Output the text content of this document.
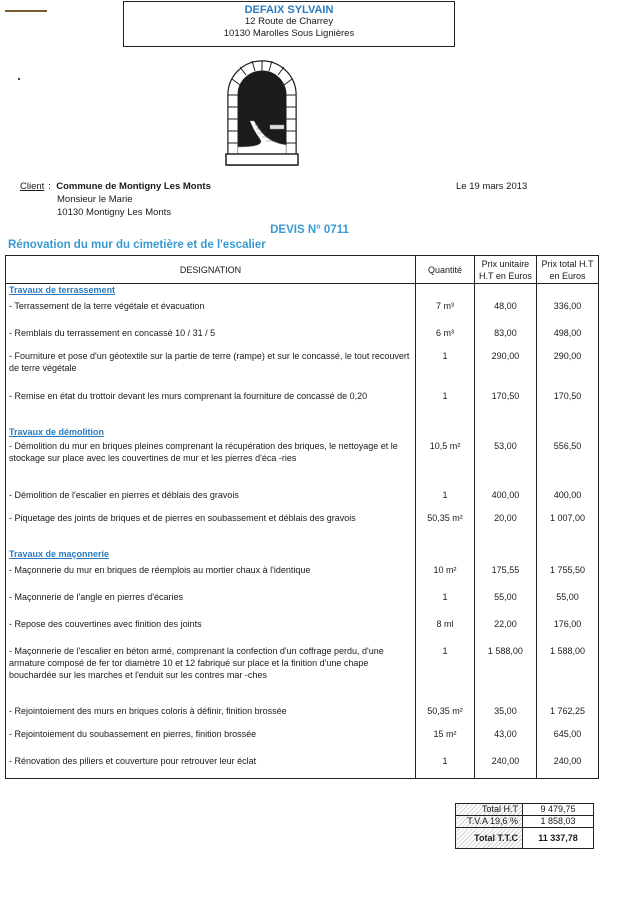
DEFAIX SYLVAIN
12 Route de Charrey
10130 Marolles Sous Lignières
Client :  Commune de Montigny Les Monts
Monsieur le Marie
10130 Montigny Les Monts
Le 19 mars 2013
DEVIS N° 0711
Rénovation du mur du cimetière et de l'escalier
DESIGNATION	Quantité	Prix unitaire H.T en Euros	Prix total H.T en Euros
Travaux de terrassement			
- Terrassement de la terre végétale et évacuation	7 m³	48,00	336,00
- Remblais du terrassement en concassé 10 / 31 / 5	6 m³	83,00	498,00
- Fourniture et pose d'un géotextile sur la partie de terre (rampe) et sur le concassé, le tout recouvert de terre végétale	1	290,00	290,00
- Remise en état du trottoir devant les murs comprenant la fourniture de concassé de 0,20	1	170,50	170,50
Travaux de démolition			
- Démolition du mur en briques pleines comprenant la récupération des briques, le nettoyage et le stockage sur place avec les couvertines de mur et les pierres d'éca -ries	10,5 m²	53,00	556,50
- Démolition de l'escalier en pierres et déblais des gravois	1	400,00	400,00
- Piquetage des joints de briques et de pierres en soubassement et déblais des gravois	50,35 m²	20,00	1 007,00
Travaux de maçonnerie			
- Maçonnerie du mur en briques de réemplois au mortier chaux à l'identique	10 m²	175,55	1 755,50
- Maçonnerie de l'angle en pierres d'écaries	1	55,00	55,00
- Repose des couvertines avec finition des joints	8 ml	22,00	176,00
- Maçonnerie de l'escalier en béton armé, comprenant la confection d'un coffrage perdu, d'une armature composé de fer tor diamètre 10 et 12 fabriqué sur place et la finition d'une chape bouchardée sur les marches et l'enduit sur les contres mar -ches	1	1 588,00	1 588,00
- Rejointoiement des murs en briques coloris à définir, finition brossée	50,35 m²	35,00	1 762,25
- Rejointoiement du soubassement en pierres, finition brossée	15 m²	43,00	645,00
- Rénovation des piliers et couverture pour retrouver leur éclat	1	240,00	240,00
Total H.T	9 479,75
T.V.A 19,6 %	1 858,03
Total T.T.C	11 337,78
